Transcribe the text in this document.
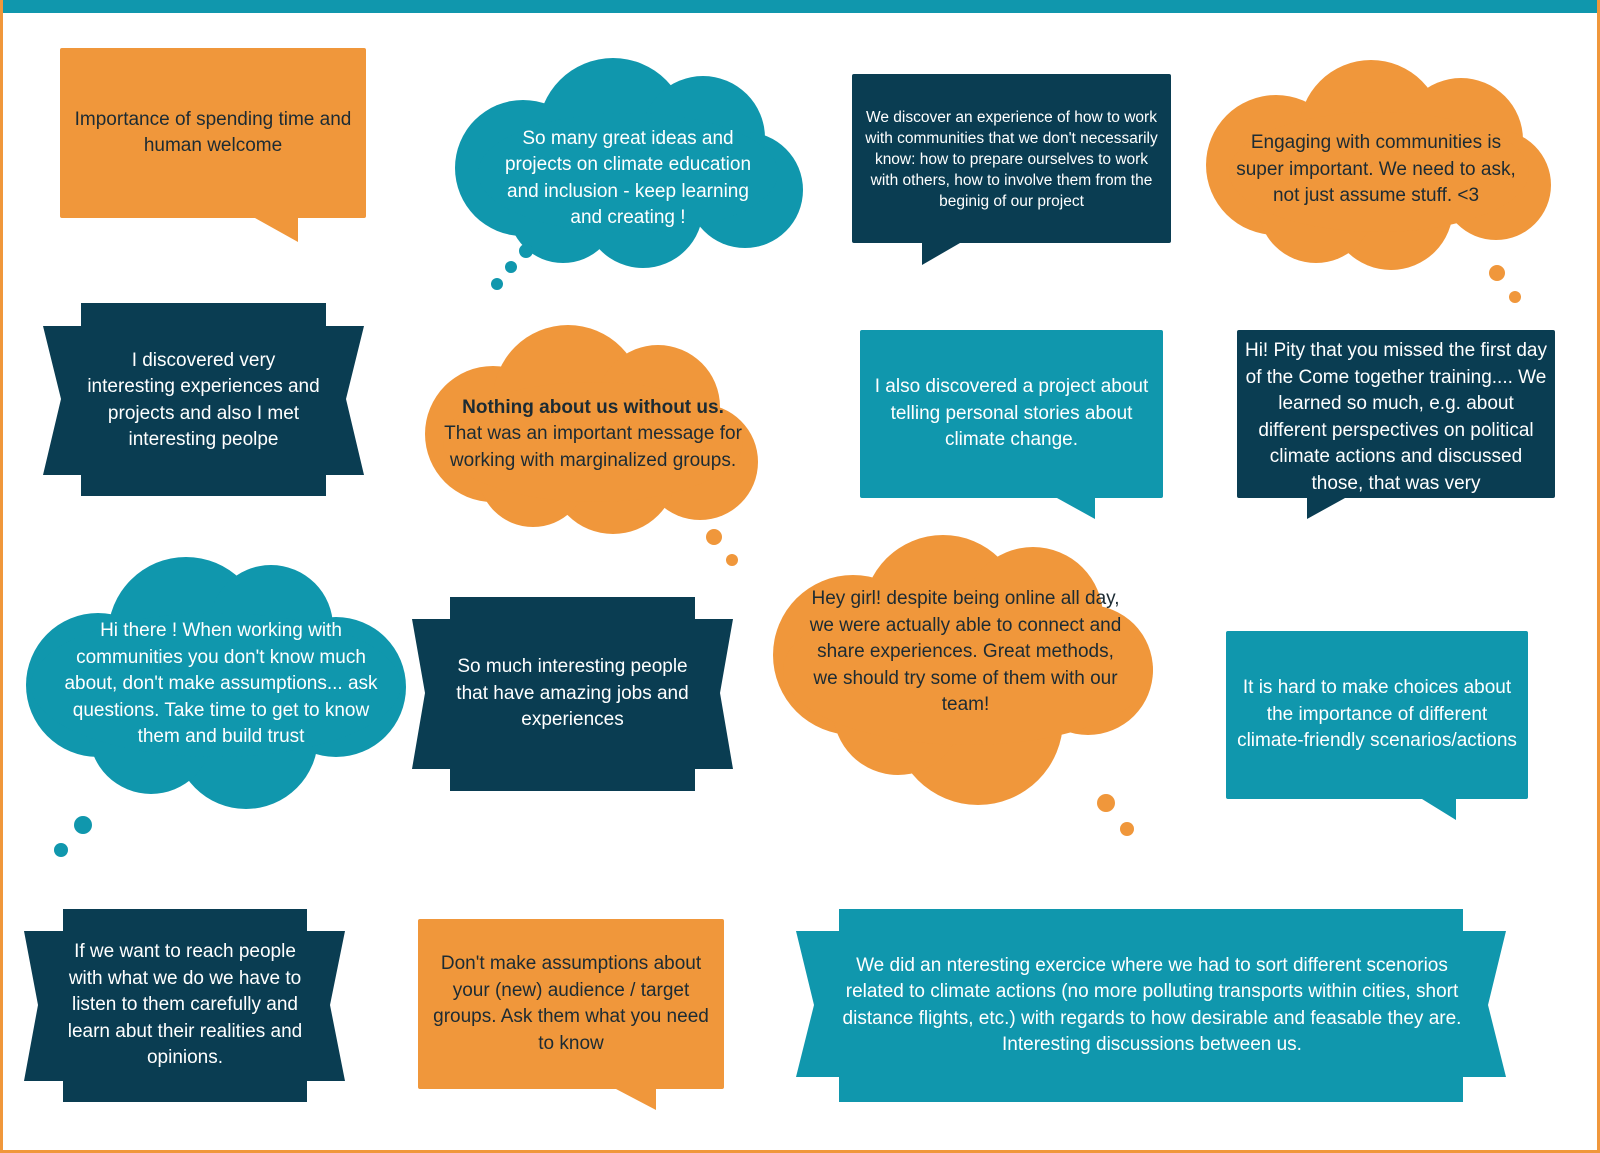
Importance of spending time and human welcome	So many great ideas and projects on climate education and inclusion - keep learning and creating !
We discover an experience of how to work with communities that we don't necessarily know: how to prepare ourselves to work with others, how to involve them from the beginig of our project
Engaging with communities is super important. We need to ask, not just assume stuff. <3
I discovered very interesting experiences and projects and also I met interesting peolpe
Nothing about us without us.
That was an important message for working with marginalized groups.
I also discovered a project about telling personal stories about climate change.
Hi! Pity that you missed the first day of the Come together training.... We learned so much, e.g. about different perspectives on political climate actions and discussed those, that was very
Hi there ! When working with communities you don't know much about, don't make assumptions... ask questions. Take time to get to know them and build trust
So much interesting people that have amazing jobs and experiences
Hey girl! despite being online all day, we were actually able to connect and share experiences. Great methods, we should try some of them with our team!
It is hard to make choices about the importance of different climate-friendly scenarios/actions
If we want to reach people with what we do we have to listen to them carefully and learn abut their realities and opinions.
Don't make assumptions about your (new) audience / target groups. Ask them what you need to know
We did an nteresting exercice where we had to sort different scenorios related to climate actions (no more polluting transports within cities, short distance flights, etc.) with regards to how desirable and feasable they are. Interesting discussions between us.
